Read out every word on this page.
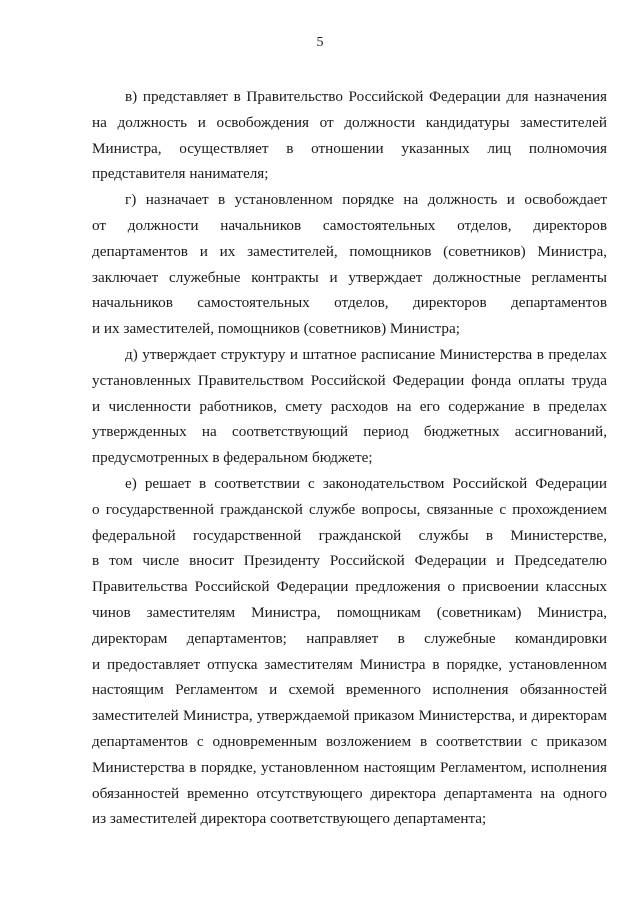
5

в) представляет в Правительство Российской Федерации для назначения
на должность и освобождения от должности кандидатуры заместителей
Министра, осуществляет в отношении указанных лиц полномочия
представителя нанимателя;

г) назначает в установленном порядке на должность и освобождает
от должности начальников самостоятельных отделов, директоров
департаментов и их заместителей, помощников (советников) Министра,
заключает служебные контракты и утверждает должностные регламенты
начальников самостоятельных отделов, директоров департаментов
и их заместителей, помощников (советников) Министра;

д) утверждает структуру и штатное расписание Министерства в пределах
установленных Правительством Российской Федерации фонда оплаты труда
и численности работников, смету расходов на его содержание в пределах
утвержденных на соответствующий период бюджетных ассигнований,
предусмотренных в федеральном бюджете;

е) решает в соответствии с законодательством Российской Федерации
о государственной гражданской службе вопросы, связанные с прохождением
федеральной государственной гражданской службы в Министерстве,
в том числе вносит Президенту Российской Федерации и Председателю
Правительства Российской Федерации предложения о присвоении классных
чинов заместителям Министра, помощникам (советникам) Министра,
директорам департаментов; направляет в служебные командировки
и предоставляет отпуска заместителям Министра в порядке, установленном
настоящим Регламентом и схемой временного исполнения обязанностей
заместителей Министра, утверждаемой приказом Министерства, и директорам
департаментов с одновременным возложением в соответствии с приказом
Министерства в порядке, установленном настоящим Регламентом, исполнения
обязанностей временно отсутствующего директора департамента на одного
из заместителей директора соответствующего департамента;
